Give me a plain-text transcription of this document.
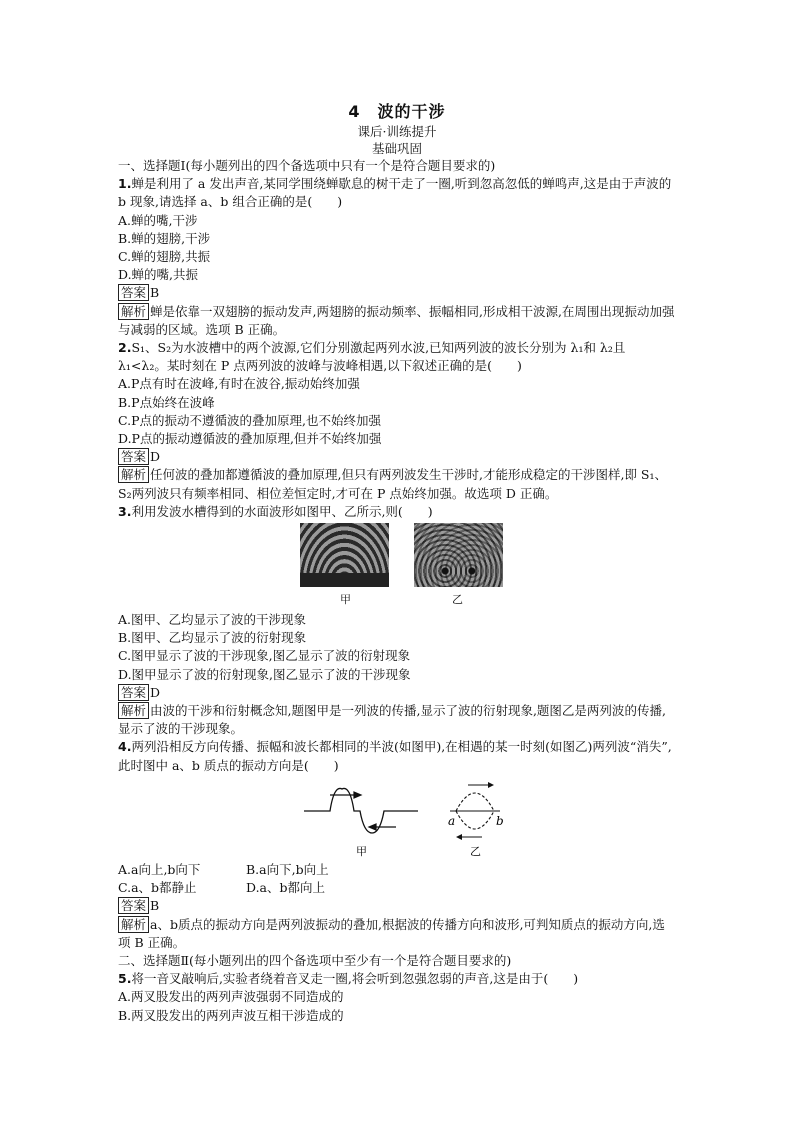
4　波的干涉
课后·训练提升
基础巩固
一、选择题Ⅰ(每小题列出的四个备选项中只有一个是符合题目要求的)
1.蝉是利用了 a 发出声音,某同学围绕蝉歇息的树干走了一圈,听到忽高忽低的蝉鸣声,这是由于声波的 b 现象,请选择 a、b 组合正确的是(　　)
A.蝉的嘴,干涉
B.蝉的翅膀,干涉
C.蝉的翅膀,共振
D.蝉的嘴,共振
答案 B
解析 蝉是依靠一双翅膀的振动发声,两翅膀的振动频率、振幅相同,形成相干波源,在周围出现振动加强与减弱的区域。选项 B 正确。
2.S₁、S₂为水波槽中的两个波源,它们分别激起两列水波,已知两列波的波长分别为 λ₁和 λ₂且 λ₁<λ₂。某时刻在 P 点两列波的波峰与波峰相遇,以下叙述正确的是(　　)
A.P点有时在波峰,有时在波谷,振动始终加强
B.P点始终在波峰
C.P点的振动不遵循波的叠加原理,也不始终加强
D.P点的振动遵循波的叠加原理,但并不始终加强
答案 D
解析 任何波的叠加都遵循波的叠加原理,但只有两列波发生干涉时,才能形成稳定的干涉图样,即 S₁、S₂两列波只有频率相同、相位差恒定时,才可在 P 点始终加强。故选项 D 正确。
3.利用发波水槽得到的水面波形如图甲、乙所示,则(　　)
甲	乙
A.图甲、乙均显示了波的干涉现象
B.图甲、乙均显示了波的衍射现象
C.图甲显示了波的干涉现象,图乙显示了波的衍射现象
D.图甲显示了波的衍射现象,图乙显示了波的干涉现象
答案 D
解析 由波的干涉和衍射概念知,题图甲是一列波的传播,显示了波的衍射现象,题图乙是两列波的传播,显示了波的干涉现象。
4.两列沿相反方向传播、振幅和波长都相同的半波(如图甲),在相遇的某一时刻(如图乙)两列波“消失”,此时图中 a、b 质点的振动方向是(　　)
a	b
甲	乙
A.a向上,b向下	B.a向下,b向上
C.a、b都静止	D.a、b都向上
答案 B
解析 a、b质点的振动方向是两列波振动的叠加,根据波的传播方向和波形,可判知质点的振动方向,选项 B 正确。
二、选择题Ⅱ(每小题列出的四个备选项中至少有一个是符合题目要求的)
5.将一音叉敲响后,实验者绕着音叉走一圈,将会听到忽强忽弱的声音,这是由于(　　)
A.两叉股发出的两列声波强弱不同造成的
B.两叉股发出的两列声波互相干涉造成的
